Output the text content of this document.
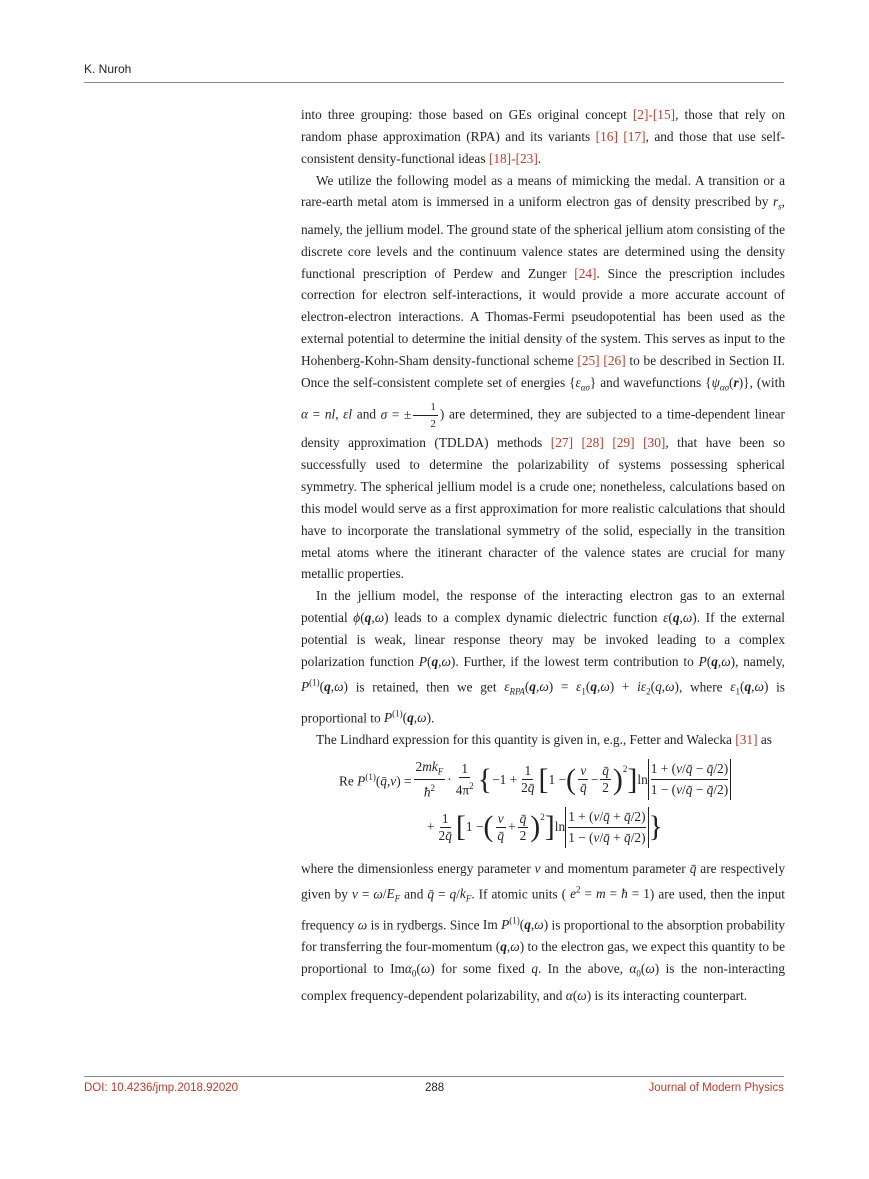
K. Nuroh

into three grouping: those based on GEs original concept [2]-[15], those that rely on random phase approximation (RPA) and its variants [16] [17], and those that use self-consistent density-functional ideas [18]-[23].

We utilize the following model as a means of mimicking the medal. A transition or a rare-earth metal atom is immersed in a uniform electron gas of density prescribed by $r_s$, namely, the jellium model. The ground state of the spherical jellium atom consisting of the discrete core levels and the continuum valence states are determined using the density functional prescription of Perdew and Zunger [24]. Since the prescription includes correction for electron self-interactions, it would provide a more accurate account of electron-electron interactions. A Thomas-Fermi pseudopotential has been used as the external potential to determine the initial density of the system. This serves as input to the Hohenberg-Kohn-Sham density-functional scheme [25] [26] to be described in Section II. Once the self-consistent complete set of energies $\{\varepsilon_{\alpha\sigma}\}$ and wavefunctions $\{\psi_{\alpha\sigma}(r)\}$, (with α = nl, εl and σ = ± $\frac{1}{2}$ ) are determined, they are subjected to a time-dependent linear density approximation (TDLDA) methods [27] [28] [29] [30], that have been so successfully used to determine the polarizability of systems possessing spherical symmetry. The spherical jellium model is a crude one; nonetheless, calculations based on this model would serve as a first approximation for more realistic calculations that should have to incorporate the translational symmetry of the solid, especially in the transition metal atoms where the itinerant character of the valence states are crucial for many metallic properties.

In the jellium model, the response of the interacting electron gas to an external potential ϕ(q,ω) leads to a complex dynamic dielectric function ε(q,ω). If the external potential is weak, linear response theory may be invoked leading to a complex polarization function P(q,ω). Further, if the lowest term contribution to P(q,ω), namely, $P^{(1)}(q,\omega)$ is retained, then we get $\varepsilon_{RPA}(q,\omega) = \varepsilon_1(q,\omega) + i\varepsilon_2(q,\omega)$, where $\varepsilon_1(q,\omega)$ is proportional to $P^{(1)}(q,\omega)$.

The Lindhard expression for this quantity is given in, e.g., Fetter and Walecka [31] as

Re $P^{(1)}(q̄,\nu) = \frac{2mk_F}{ħ^2} \cdot \frac{1}{4\pi^2}$ { $-1 + \frac{1}{2q̄}$ [ 1 − ( $\frac{\nu}{q̄} - \frac{q̄}{2} )^2$ ] ln
1 + (ν/q̄ − q̄/2)
1 − (ν/q̄ − q̄/2)
+ $\frac{1}{2q̄}$ [ 1 − ( $\frac{\nu}{q̄} + \frac{q̄}{2} )^2$ ] ln
1 + (ν/q̄ + q̄/2)
1 − (ν/q̄ + q̄/2) }

where the dimensionless energy parameter ν and momentum parameter q̄ are respectively given by $\nu = \omega/E_F$ and q̄ = $q/k_F$. If atomic units ( $e^2 = m$ = ħ = 1) are used, then the input frequency ω is in rydbergs. Since Im $P^{(1)}(q,\omega)$ is proportional to the absorption probability for transferring the four-momentum (q,ω) to the electron gas, we expect this quantity to be proportional to Imα$_0$(ω) for some fixed q. In the above, $\alpha_0(\omega)$ is the non-interacting complex frequency-dependent polarizability, and α(ω) is its interacting counterpart.

DOI: 10.4236/jmp.2018.92020	288	Journal of Modern Physics
